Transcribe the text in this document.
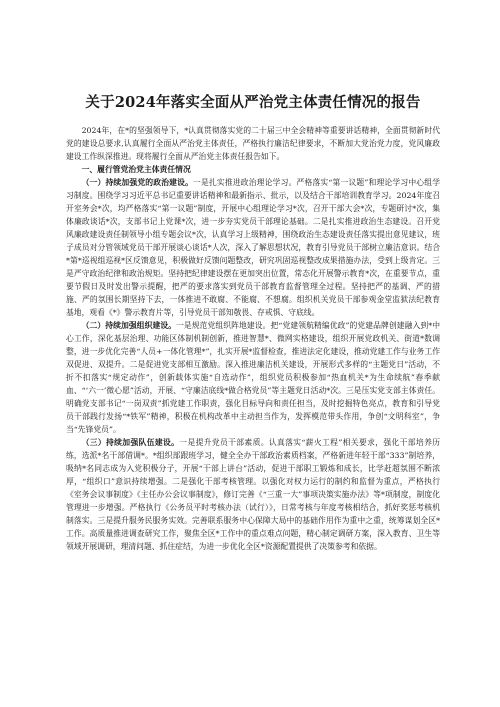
关于2024年落实全面从严治党主体责任情况的报告

2024年，在*的坚强领导下，*认真贯彻落实党的二十届三中全会精神等重要讲话精神，全面贯彻新时代党的建设总要求,认真履行全面从严治党主体责任，严格执行廉洁纪律要求，不断加大党治党力度，党风廉政建设工作纵深推进。现将履行全面从严治党主体责任报告如下。

一、履行管党治党主体责任情况

（一）持续加强党的政治建设。一是扎实推进政治理论学习。严格落实“第一议题”和理论学习中心组学习制度。围绕学习习近平总书记重要讲话精神和最新指示、批示，以及结合干部培训教育学习。2024年度召开室务会*次，均严格落实“第一议题”制度，开展中心组理论学习*次，召开干部大会*次，专题研讨*次，集体廉政谈话*次，支部书记上党课*次，进一步夯实党员干部理论基础。二是扎实推进政治生态建设。召开党风廉政建设责任制领导小组专题会议*次，认真学习上级精神，围绕政治生态建设责任落实提出意见建议，班子成员对分管领域党员干部开展谈心谈话*人次，深入了解思想状况，教育引导党员干部树立廉洁意识。结合*第*巡视组巡视*区反馈意见，积极做好反馈问题整改，研究巩固巡视整改成果措施办法，受到上级肯定。三是严守政治纪律和政治规矩。坚持把纪律建设摆在更加突出位置，常态化开展警示教育*次，在重要节点，重要节假日及时发出警示提醒，把严的要求落实到党员干部教育监督管理全过程。坚持把严的基调、严的措施、严的氛围长期坚持下去，一体推进不敢腐、不能腐、不想腐。组织机关党员干部参观金堂监狱法纪教育基地，观看《*》警示教育片等，引导党员干部知敬畏、存戒惧、守底线。

（二）持续加强组织建设。一是规范党组织阵地建设。把“党建领航精编优政”的党建品牌创建融入到*中心工作，深化基层治理、功能区体制机制创新，推进智慧*、微网实格建设，组织开展党政机关、街道*数调整，进一步优化完善“人员+一体化管理*”，扎实开展*监督检查，推进法定化建设，推动党建工作与业务工作双促进、双提升。二是促进党支部相互激励。深入推进廉洁机关建设，开展形式多样的“主题党日”活动，不折不扣落实“规定动作”，创新载体实施“自选动作”，组织党员积极参加“热血机关*为生命续航”春季献血、“‘六一’微心愿”活动，开展、“守廉洁底线*做合格党员”等主题党日活动*次。三是压实党支部主体责任。明确党支部书记“一岗双责”抓党建工作职责，强化目标导向和责任担当，及时挖掘特色亮点，教育和引导党员干部践行发扬“*铁军”精神，积极在机构改革中主动担当作为，发挥模范带头作用，争创“文明科室”，争当“先锋党员”。

（三）持续加强队伍建设。一是提升党员干部素质。认真落实“薪火工程”相关要求，强化干部培养历练，选派*名干部借调*。*组织部跟班学习，健全全办干部政治素质档案，严格新进年轻干部“333”制培养，吸纳*名同志成为入党积极分子，开展“干部上讲台”活动，促进干部职工锻炼和成长，比学赶超氛围不断浓厚，“组织口”意识持续增强。二是强化干部考核管理。以强化对权力运行的制约和监督为重点，严格执行《室务会议事制度》《主任办公会议事制度》，修订完善《“三重一大”事项决策实施办法》等*项制度，制度化管理进一步增强。严格执行《公务员平时考核办法（试行）》，日常考核与年度考核相结合，抓好奖惩考核机制落实。三是提升服务民服务实效。完善联系服务中心保障大局中的基础作用作为重中之重，统筹谋划全区*工作。高质量推进调查研究工作，聚焦全区*工作中的重点难点问题，精心制定调研方案，深入教育、卫生等领域开展调研，理清问题、抓住症结，为进一步优化全区*资源配置提供了决策参考和依据。
